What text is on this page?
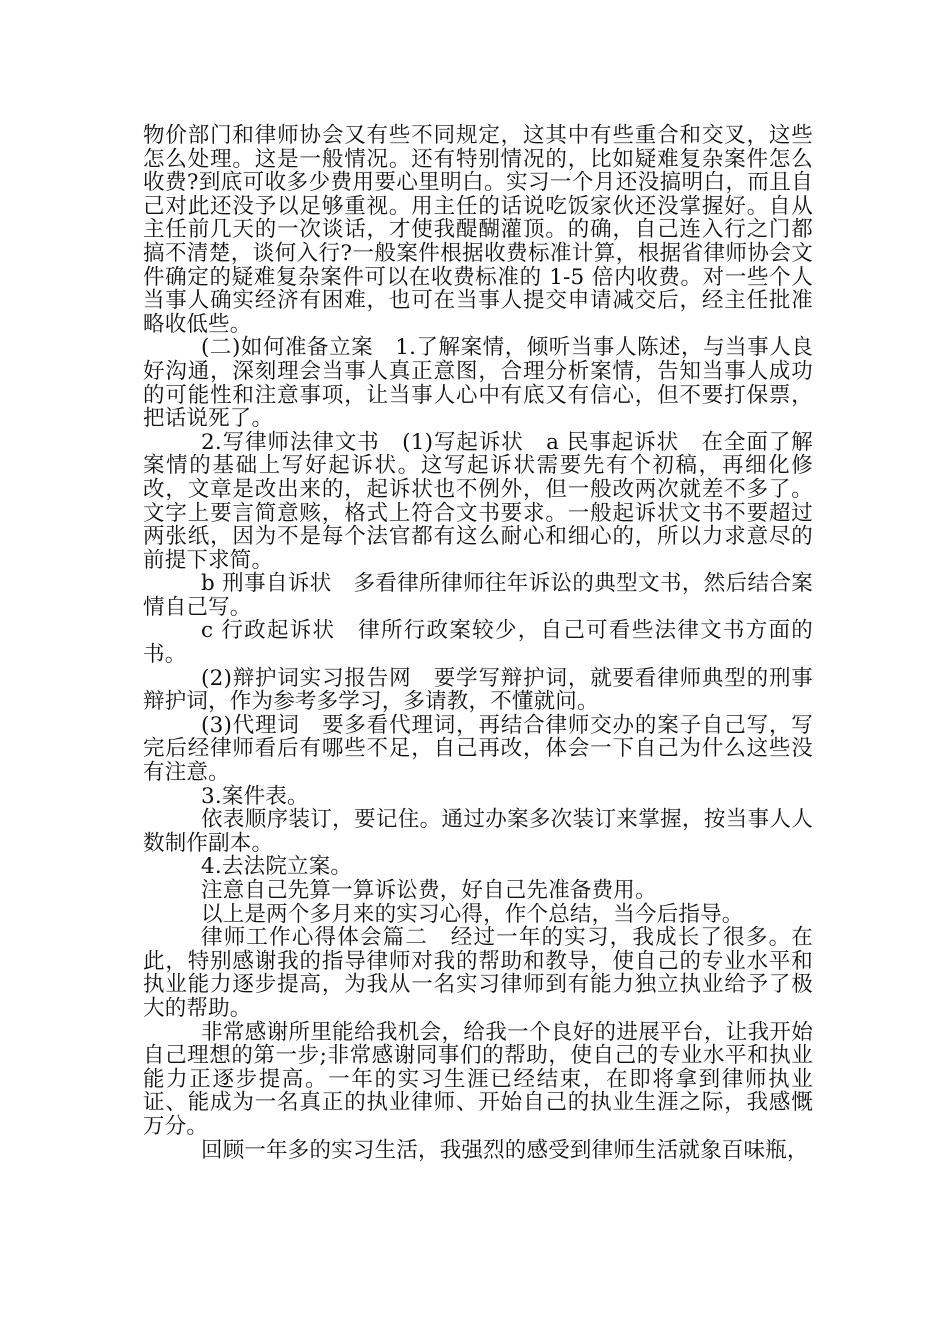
物价部门和律师协会又有些不同规定，这其中有些重合和交叉，这些怎么处理。这是一般情况。还有特别情况的，比如疑难复杂案件怎么收费?到底可收多少费用要心里明白。实习一个月还没搞明白，而且自己对此还没予以足够重视。用主任的话说吃饭家伙还没掌握好。自从主任前几天的一次谈话，才使我醍醐灌顶。的确，自己连入行之门都搞不清楚，谈何入行?一般案件根据收费标准计算，根据省律师协会文件确定的疑难复杂案件可以在收费标准的 1-5 倍内收费。对一些个人当事人确实经济有困难，也可在当事人提交申请减交后，经主任批准略收低些。

(二)如何准备立案　1.了解案情，倾听当事人陈述，与当事人良好沟通，深刻理会当事人真正意图，合理分析案情，告知当事人成功的可能性和注意事项，让当事人心中有底又有信心，但不要打保票，把话说死了。

2.写律师法律文书　(1)写起诉状　a 民事起诉状　在全面了解案情的基础上写好起诉状。这写起诉状需要先有个初稿，再细化修改，文章是改出来的，起诉状也不例外，但一般改两次就差不多了。文字上要言简意赅，格式上符合文书要求。一般起诉状文书不要超过两张纸，因为不是每个法官都有这么耐心和细心的，所以力求意尽的前提下求简。

b 刑事自诉状　多看律所律师往年诉讼的典型文书，然后结合案情自己写。

c 行政起诉状　律所行政案较少，自己可看些法律文书方面的书。

(2)辩护词实习报告网　要学写辩护词，就要看律师典型的刑事辩护词，作为参考多学习，多请教，不懂就问。

(3)代理词　要多看代理词，再结合律师交办的案子自己写，写完后经律师看后有哪些不足，自己再改，体会一下自己为什么这些没有注意。

3.案件表。

依表顺序装订，要记住。通过办案多次装订来掌握，按当事人人数制作副本。

4.去法院立案。

注意自己先算一算诉讼费，好自己先准备费用。

以上是两个多月来的实习心得，作个总结，当今后指导。

律师工作心得体会篇二　经过一年的实习，我成长了很多。在此，特别感谢我的指导律师对我的帮助和教导，使自己的专业水平和执业能力逐步提高，为我从一名实习律师到有能力独立执业给予了极大的帮助。

非常感谢所里能给我机会，给我一个良好的进展平台，让我开始自己理想的第一步;非常感谢同事们的帮助，使自己的专业水平和执业能力正逐步提高。一年的实习生涯已经结束，在即将拿到律师执业证、能成为一名真正的执业律师、开始自己的执业生涯之际，我感慨万分。

回顾一年多的实习生活，我强烈的感受到律师生活就象百味瓶，
